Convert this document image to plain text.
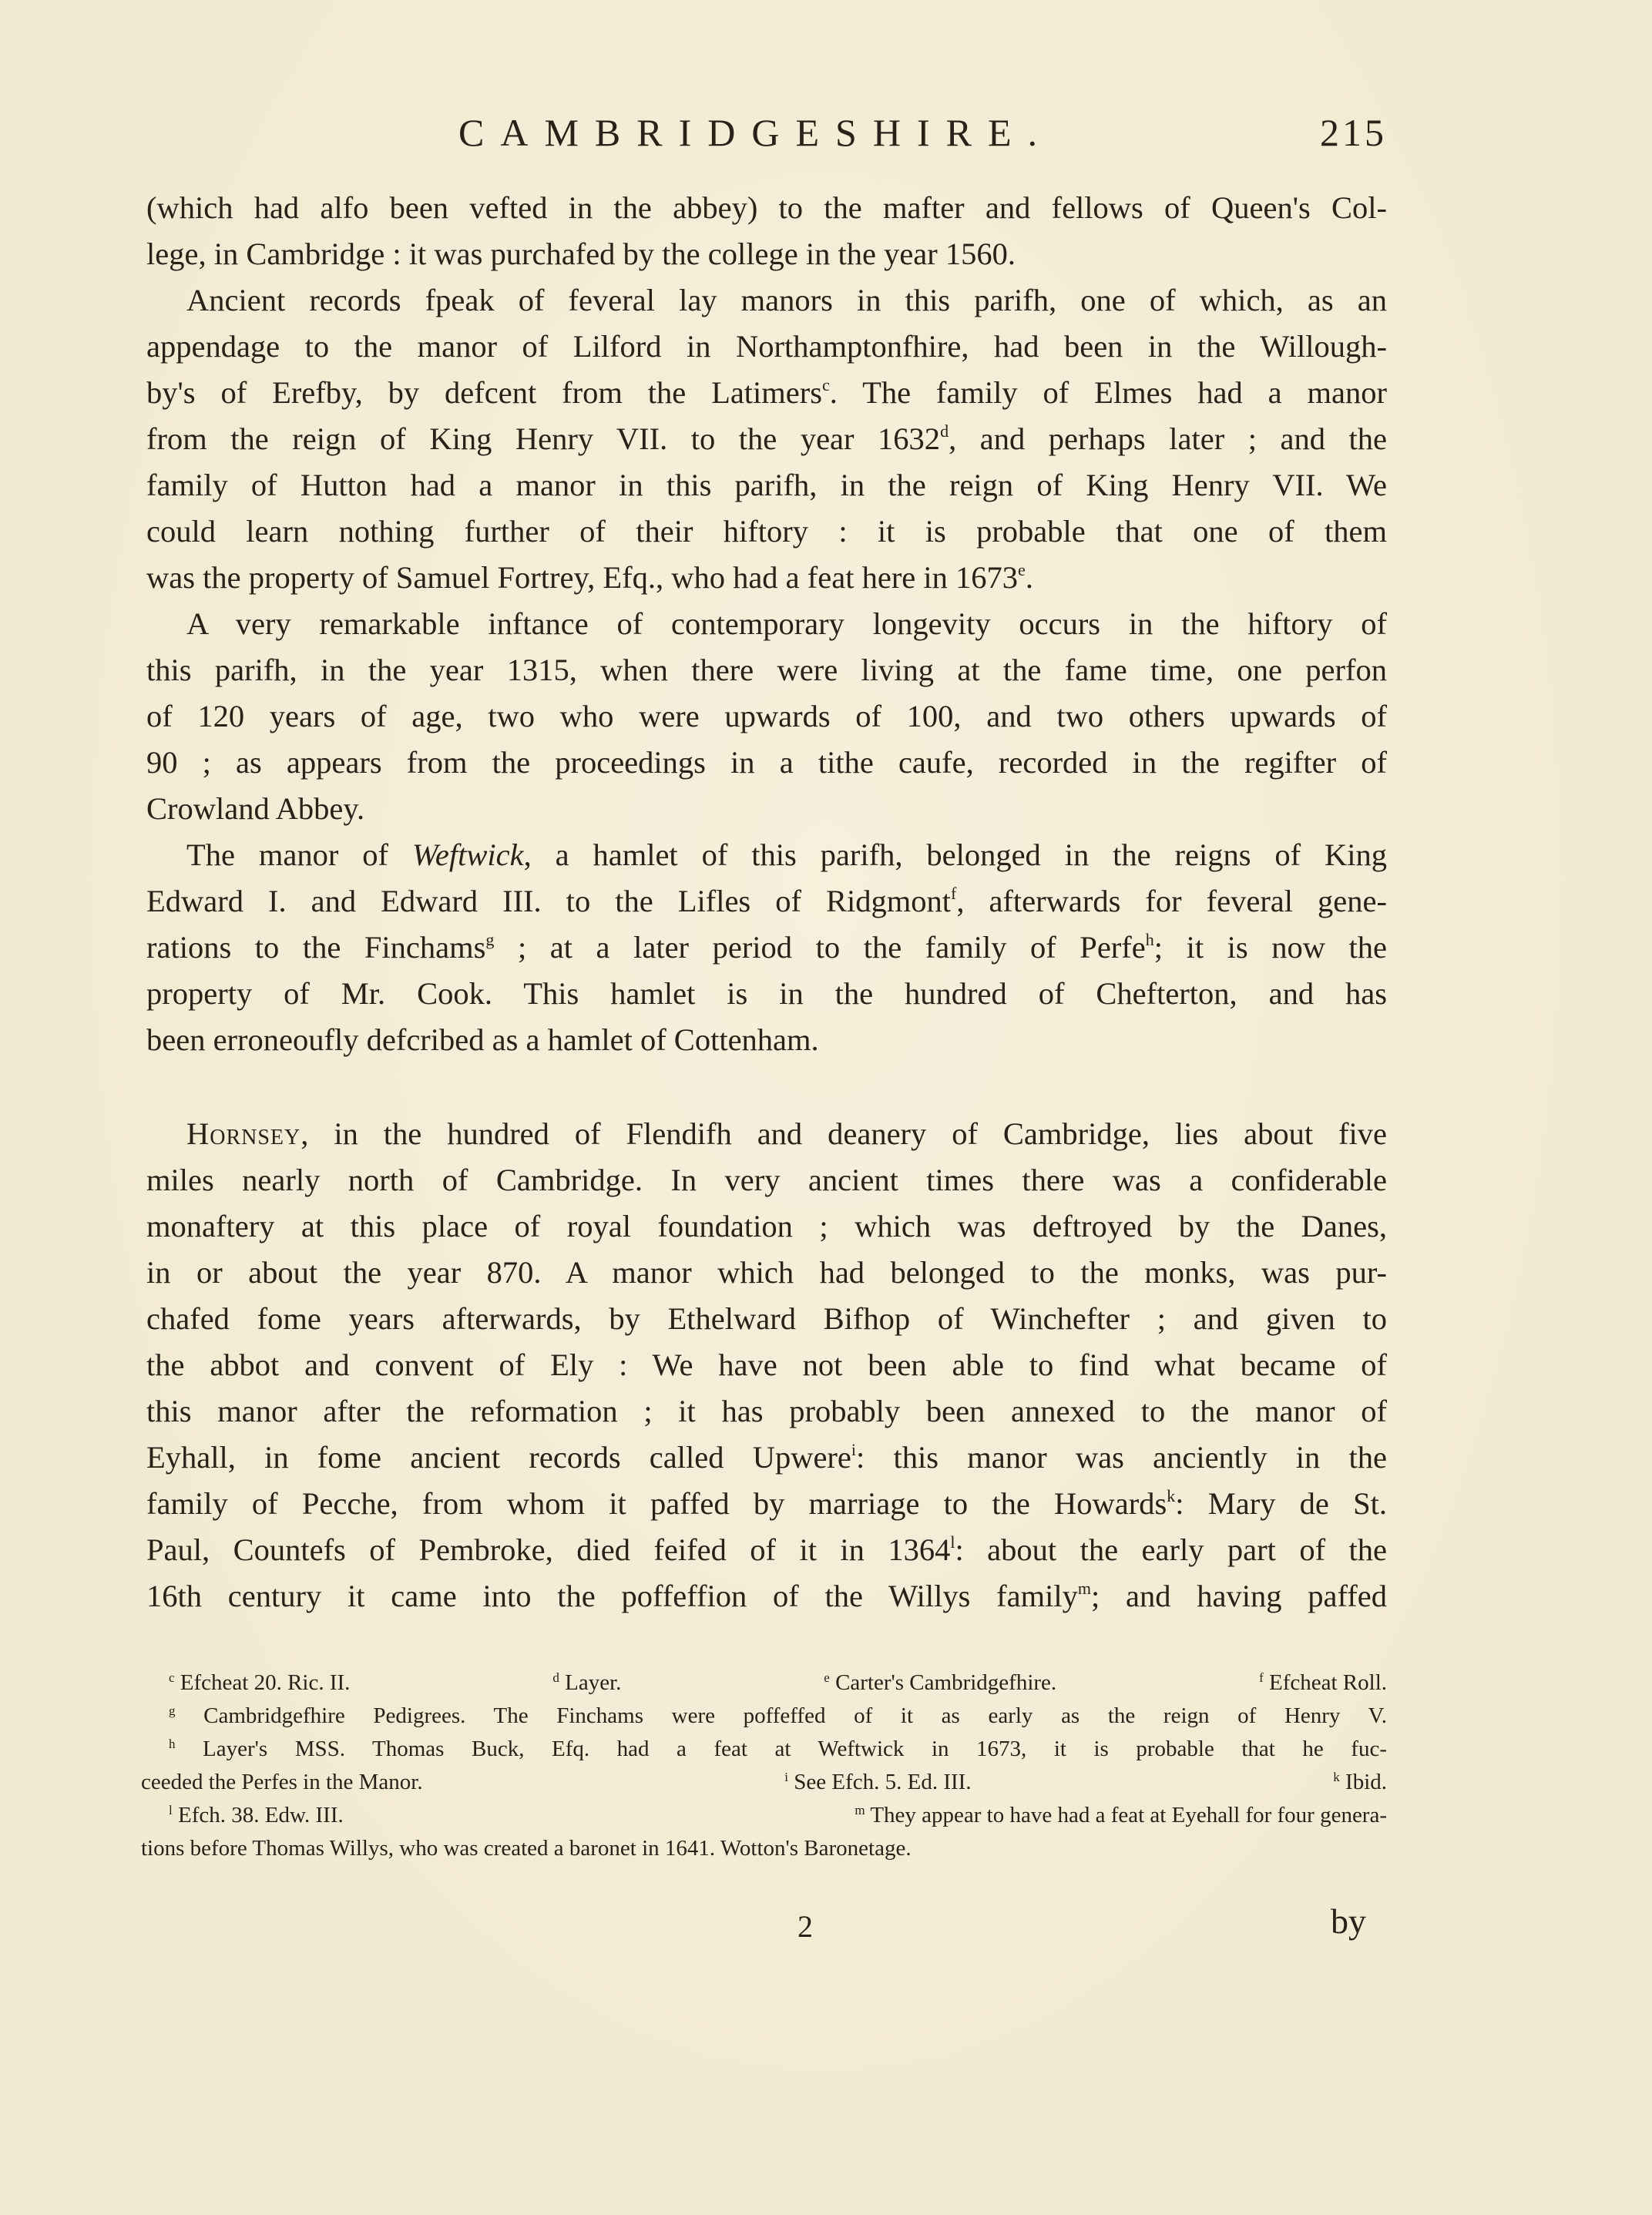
CAMBRIDGESHIRE.	215
(which had alfo been vefted in the abbey) to the mafter and fellows of Queen's Col-
lege, in Cambridge : it was purchafed by the college in the year 1560.
Ancient records fpeak of feveral lay manors in this parifh, one of which, as an
appendage to the manor of Lilford in Northamptonfhire, had been in the Willough-
by's of Erefby, by defcent from the Latimers$^c$. The family of Elmes had a manor
from the reign of King Henry VII. to the year 1632$^d$, and perhaps later ; and the
family of Hutton had a manor in this parifh, in the reign of King Henry VII. We
could learn nothing further of their hiftory : it is probable that one of them
was the property of Samuel Fortrey, Efq., who had a feat here in 1673e.
A very remarkable inftance of contemporary longevity occurs in the hiftory of
this parifh, in the year 1315, when there were living at the fame time, one perfon
of 120 years of age, two who were upwards of 100, and two others upwards of
90 ; as appears from the proceedings in a tithe caufe, recorded in the regifter of
Crowland Abbey.
The manor of Weftwick, a hamlet of this parifh, belonged in the reigns of King
Edward I. and Edward III. to the Lifles of Ridgmont$^f$, afterwards for feveral gene-
rations to the Finchams$^g$ ; at a later period to the family of Perfe$^h$; it is now the
property of Mr. Cook. This hamlet is in the hundred of Chefterton, and has
been erroneoufly defcribed as a hamlet of Cottenham.
Hornsey, in the hundred of Flendifh and deanery of Cambridge, lies about five
miles nearly north of Cambridge. In very ancient times there was a confiderable
monaftery at this place of royal foundation ; which was deftroyed by the Danes,
in or about the year 870. A manor which had belonged to the monks, was pur-
chafed fome years afterwards, by Ethelward Bifhop of Winchefter ; and given to
the abbot and convent of Ely : We have not been able to find what became of
this manor after the reformation ; it has probably been annexed to the manor of
Eyhall, in fome ancient records called Upwere$^i$: this manor was anciently in the
family of Pecche, from whom it paffed by marriage to the Howards$^k$: Mary de St.
Paul, Countefs of Pembroke, died feifed of it in 1364$^l$: about the early part of the
16th century it came into the poffeffion of the Willys family$^m$; and having paffed
$^c$ Efcheat 20. Ric. II.	$^d$ Layer.	$^e$ Carter's Cambridgefhire.	$^f$ Efcheat Roll.
$^g$ Cambridgefhire Pedigrees. The Finchams were poffeffed of it as early as the reign of Henry V.
$^h$ Layer's MSS. Thomas Buck, Efq. had a feat at Weftwick in 1673, it is probable that he fuc-
ceeded the Perfes in the Manor.	$^i$ See Efch. 5. Ed. III.	$^k$ Ibid.
$^l$ Efch. 38. Edw. III.	$^m$ They appear to have had a feat at Eyehall for four genera-
tions before Thomas Willys, who was created a baronet in 1641. Wotton's Baronetage.
2	by
